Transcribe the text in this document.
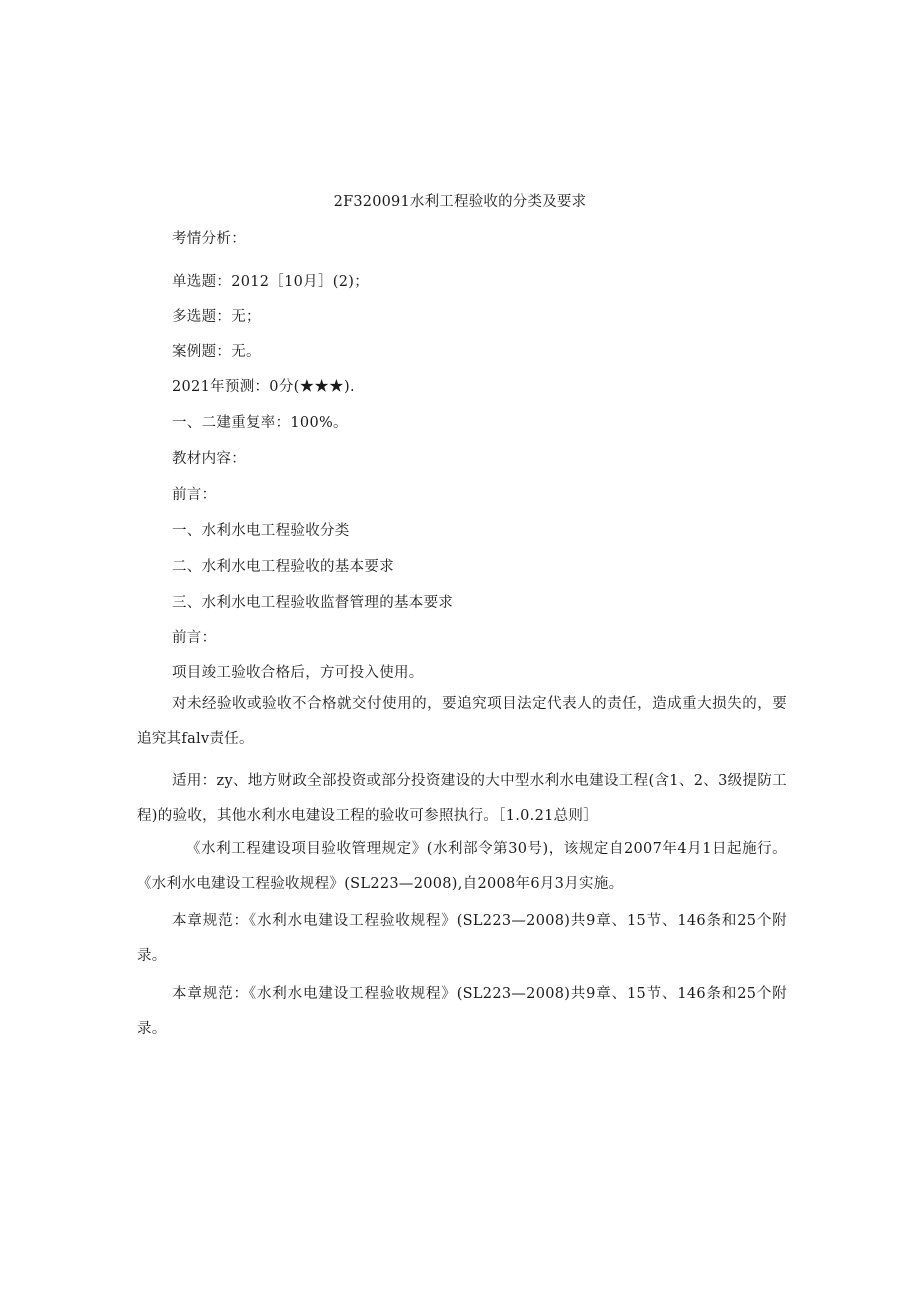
2F320091水利工程验收的分类及要求
考情分析：
单选题：2012［10月］(2)；
多选题：无；
案例题：无。
2021年预测：0分(★★★).
一、二建重复率：100%。
教材内容：
前言：
一、水利水电工程验收分类
二、水利水电工程验收的基本要求
三、水利水电工程验收监督管理的基本要求
前言：
项目竣工验收合格后，方可投入使用。
对未经验收或验收不合格就交付使用的，要追究项目法定代表人的责任，造成重大损失的，要追究其falv责任。
适用：zy、地方财政全部投资或部分投资建设的大中型水利水电建设工程(含1、2、3级提防工程)的验收，其他水利水电建设工程的验收可参照执行。［1.0.21总则］
《水利工程建设项目验收管理规定》(水利部令第30号)，该规定自2007年4月1日起施行。《水利水电建设工程验收规程》(SL223—2008),自2008年6月3月实施。
本章规范：《水利水电建设工程验收规程》(SL223—2008)共9章、15节、146条和25个附录。
本章规范：《水利水电建设工程验收规程》(SL223—2008)共9章、15节、146条和25个附录。
